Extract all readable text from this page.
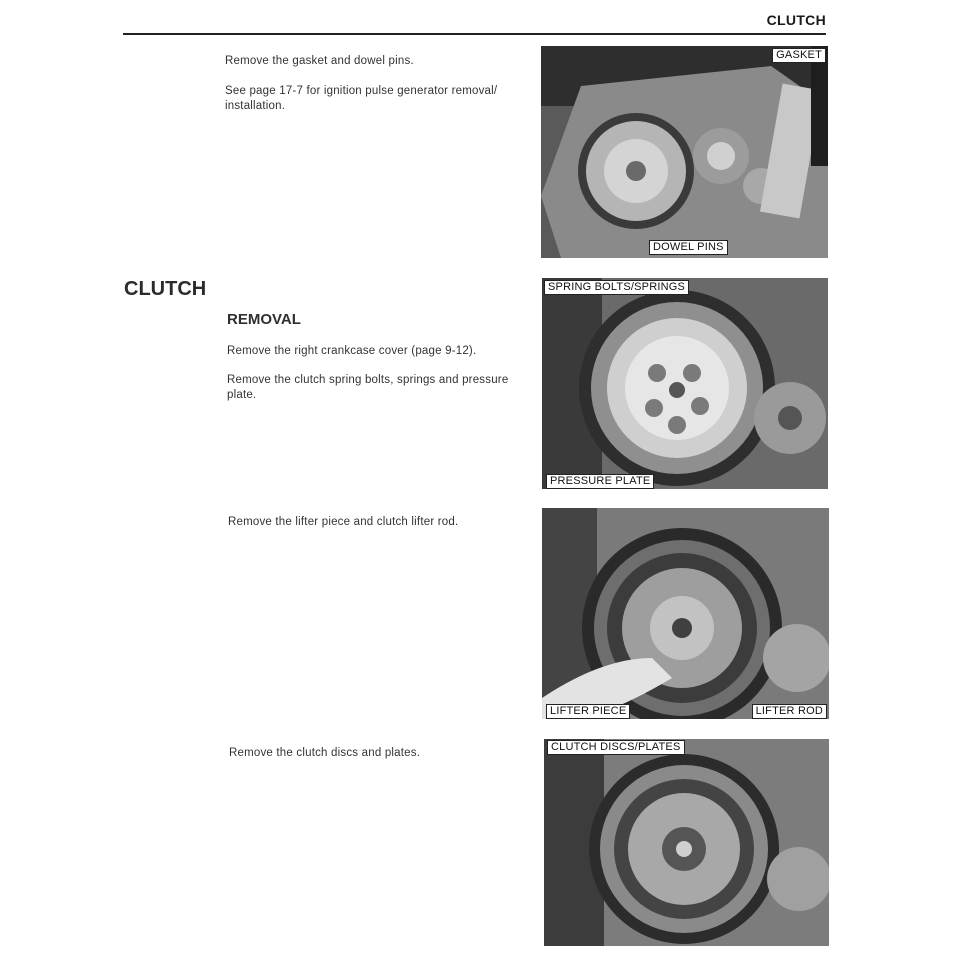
CLUTCH
Remove the gasket and dowel pins.
See page 17-7 for ignition pulse generator removal/ installation.
GASKET
DOWEL PINS
CLUTCH
REMOVAL
Remove the right crankcase cover (page 9-12).
Remove the clutch spring bolts, springs and pressure plate.
SPRING BOLTS/SPRINGS
PRESSURE PLATE
Remove the lifter piece and clutch lifter rod.
LIFTER PIECE	LIFTER ROD
Remove the clutch discs and plates.	CLUTCH DISCS/PLATES
